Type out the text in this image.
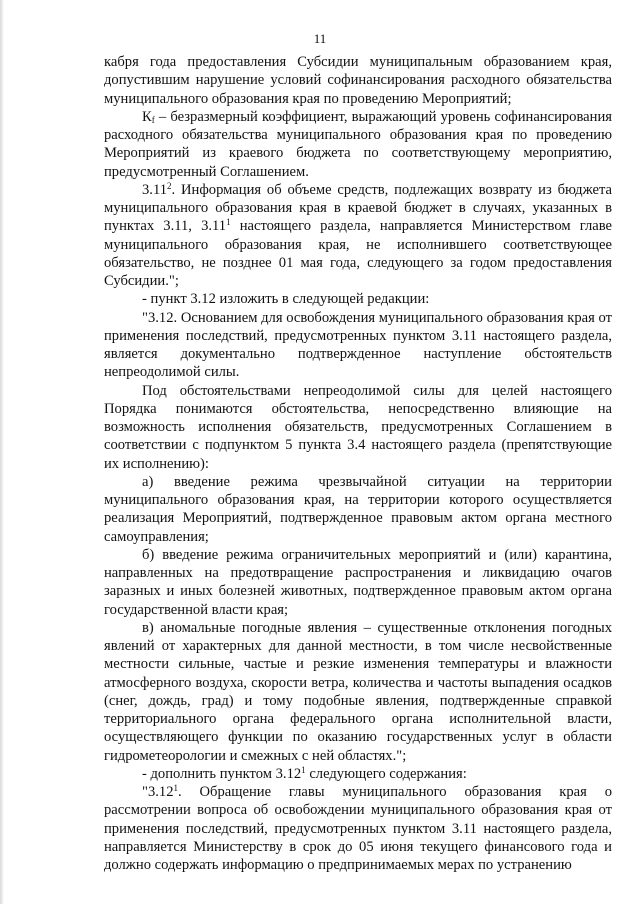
11

кабря года предоставления Субсидии муниципальным образованием края, допустившим нарушение условий софинансирования расходного обязательства муниципального образования края по проведению Мероприятий;

$К_f$ – безразмерный коэффициент, выражающий уровень софинансирования расходного обязательства муниципального образования края по проведению Мероприятий из краевого бюджета по соответствующему мероприятию, предусмотренный Соглашением.

3.11$^2$. Информация об объеме средств, подлежащих возврату из бюджета муниципального образования края в краевой бюджет в случаях, указанных в пунктах 3.11, 3.11$^1$ настоящего раздела, направляется Министерством главе муниципального образования края, не исполнившего соответствующее обязательство, не позднее 01 мая года, следующего за годом предоставления Субсидии.";

- пункт 3.12 изложить в следующей редакции:

"3.12. Основанием для освобождения муниципального образования края от применения последствий, предусмотренных пунктом 3.11 настоящего раздела, является документально подтвержденное наступление обстоятельств непреодолимой силы.

Под обстоятельствами непреодолимой силы для целей настоящего Порядка понимаются обстоятельства, непосредственно влияющие на возможность исполнения обязательств, предусмотренных Соглашением в соответствии с подпунктом 5 пункта 3.4 настоящего раздела (препятствующие их исполнению):

а) введение режима чрезвычайной ситуации на территории муниципального образования края, на территории которого осуществляется реализация Мероприятий, подтвержденное правовым актом органа местного самоуправления;

б) введение режима ограничительных мероприятий и (или) карантина, направленных на предотвращение распространения и ликвидацию очагов заразных и иных болезней животных, подтвержденное правовым актом органа государственной власти края;

в) аномальные погодные явления – существенные отклонения погодных явлений от характерных для данной местности, в том числе несвойственные местности сильные, частые и резкие изменения температуры и влажности атмосферного воздуха, скорости ветра, количества и частоты выпадения осадков (снег, дождь, град) и тому подобные явления, подтвержденные справкой территориального органа федерального органа исполнительной власти, осуществляющего функции по оказанию государственных услуг в области гидрометеорологии и смежных с ней областях.";

- дополнить пунктом 3.12$^1$ следующего содержания:

"3.12$^1$. Обращение главы муниципального образования края о рассмотрении вопроса об освобождении муниципального образования края от применения последствий, предусмотренных пунктом 3.11 настоящего раздела, направляется Министерству в срок до 05 июня текущего финансового года и должно содержать информацию о предпринимаемых мерах по устранению
